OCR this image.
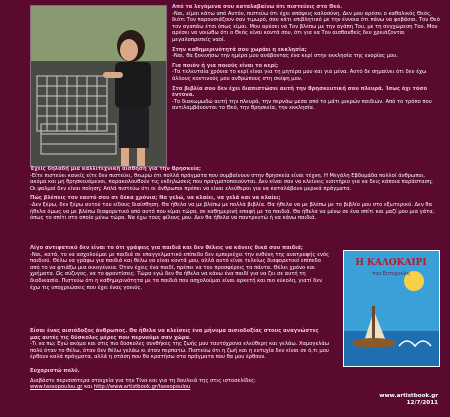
Από τα λεγόμενα σου καταλαβαίνω ότι πιστεύεις στο Θεό.
-Ναι, είμαι κάτω από Αυτόν, πιστεύω ότι έχει απόψεις καλοσύνη. Δεν μου αρέσει ο καθολικός Θεός, διότι Τον παρουσιάζουν σαν τιμωρό, σαν κάτι επιβλητικό με την έννοια ότι πάνω να φοβάσαι. Τον Θεό τον αγαπάω έτσι όπως είμαι. Μου αρέσει να Τον βλέπω με την αγάπη Του, με τη συγχώρεση Του. Μου αρέσει να νοιώθω ότι ο Θεός είναι κοντά σου, ότι για να Τον αισθανθείς δεν χρειάζονται μεγαλοπρεπείς ναοί.

Στην καθημερινότητά σου χωράει η εκκλησία;
-Ναι, θα ξεκινήσω την ημέρα μου ανάβοντας ένα κερί στην εκκλησία της ενορίας μου.

Για ποιόν ή για ποιούς είναι το κερί;
-Τα τελευταία χρόνια το κερί είναι για τη μητέρα μου και για μένα. Αυτό δε σημαίνει ότι δεν έχω άλλους κοντινούς μου ανθρώπους στη σκέψη μου.

Στα βιβλία σου δεν έχει διαπιστώσει αυτή την θρησκευτική σου πλευρά. Ίσως όχι τόσο έντονα.
-Το διακωμωδώ αυτή την πλευρά, την περνάω μέσα από το μάτι μικρών παιδιών. Από το τρόπο που αντιλαμβάνονται το Θεό, την θρησκεία, την εκκλησία.

Έχεις δηλαδή μια καλλιτεχνική αίσθηση για την θρησκεία;
-Είτε πιστεύει κανείς είτε δεν πιστεύει, θεωρώ ότι πολλά πράγματα που συμβαίνουν στην θρησκεία είναι τέχνη. Η Μεγάλη Εβδομάδα πολλοί άνθρωποι, ακόμα και μη θρησκευόμενοι, παρακολουθούν τις εκδηλώσεις που πραγματοποιούνται. Δεν είναι σαν να κλείνεις εισιτήριο για να δεις κάποια παράσταση; Οι ψαλμοί δεν είναι ποίηση; Απλά πιστεύω ότι οι άνθρωποι πρέπει να είναι ελεύθεροι για να καταλάβουν μερικά πράγματα.

Πώς βλέπεις τον εαυτό σου σε δέκα χρόνια; Να γελώ, να κλαίει, να γελά και να κλαίει;
-Δεν ξέρω, δεν ξέρω αυτού του είδους διαίσθηση. Θα ήθελα να με βλέπω με πολλά βιβλία. Θα ήθελα να με βλέπω με το βιβλίο μου στο εξωτερικό. Δεν θα ήθελα όμως να με βλέπω διαφορετικό από αυτό που είμαι τώρα, σε καθημερινή επαφή με τα παιδιά. Θα ήθελα να μένω σε ένα σπίτι και μαζί μου μια γάτα, όπως το σπίτι στο οποίο μένω τώρα. Να έχω τους φίλους μου. Δεν θα ήθελα να παντρευτώ ή να κάνω παιδιά.

Λίγο αντιφατικό δεν είναι το ότι γράφεις για παιδιά και δεν θέλεις να κάνεις δικά σου παιδιά;
-Ναι, κατά, το να ασχολούμαι με παιδιά σε επαγγελματικό επίπεδο δεν εμπεριέχει την ευθύνη της ανατροφής ενός παιδιού. Θέλω να γράφω για παιδιά και θέλω να είναι κοντά μου, αλλά αυτό είναι τελείως διαφορετικό επίπεδο από το να φτιάξω μια οικογένεια. Όταν έχεις ένα παιδί, πρέπει να του προσφέρεις τα πάντα. Θέλει χρόνο και χρήματα. Ως σύζυγος, να το φροντίσεις. Τώρα εγώ δεν θα ήθελα να κάνω ένα παιδί για να ζει σε αυτή τη διαδικασία. Πιστεύω ότι η καθημερινότητα με τα παιδιά που ασχολούμαι είναι αρκετή και πιο εύκολη, γιατί δεν έχω τις υποχρεώσεις που έχει ένας γονιός.

Η ΚΑΛΟΚΑΙΡΙ
του Ευτυχούλη

Είσαι ένας αισιόδοξος άνθρωπος. Θα ήθελα να κλείσεις ένα μήνυμα αισιοδοξίας στους αναγνώστες μας αυτές τις δύσκολες μέρες που περνούμε σαν χώρα.
-Τι να πω; Εγώ ακόμα και στις πιο δύσκολες συνθήκες της ζωής μου ταυτόχρονα ελεύθερη και γελάω. Χαμογελάω πολύ όταν το θέλω, όταν δεν θέλω γελάω κι όταν περπατώ. Πιστεύω ότι η ζωή και η ευτυχία δεν είναι σε ό,τι μου έρθουν καλά πράγματα, αλλά η στάση που θα κρατήσω στα πράγματα που θα μου έρθουν.

Ευχαριστώ πολύ.

Διαβάστε περισσότερα στοιχεία για την Τίνα και για τη δουλειά της στις ιστοσελίδες:
www.tassopoulou.gr και http://www.artistbook.gr/tassopoulou

www.artistbook.gr
12/7/2011
